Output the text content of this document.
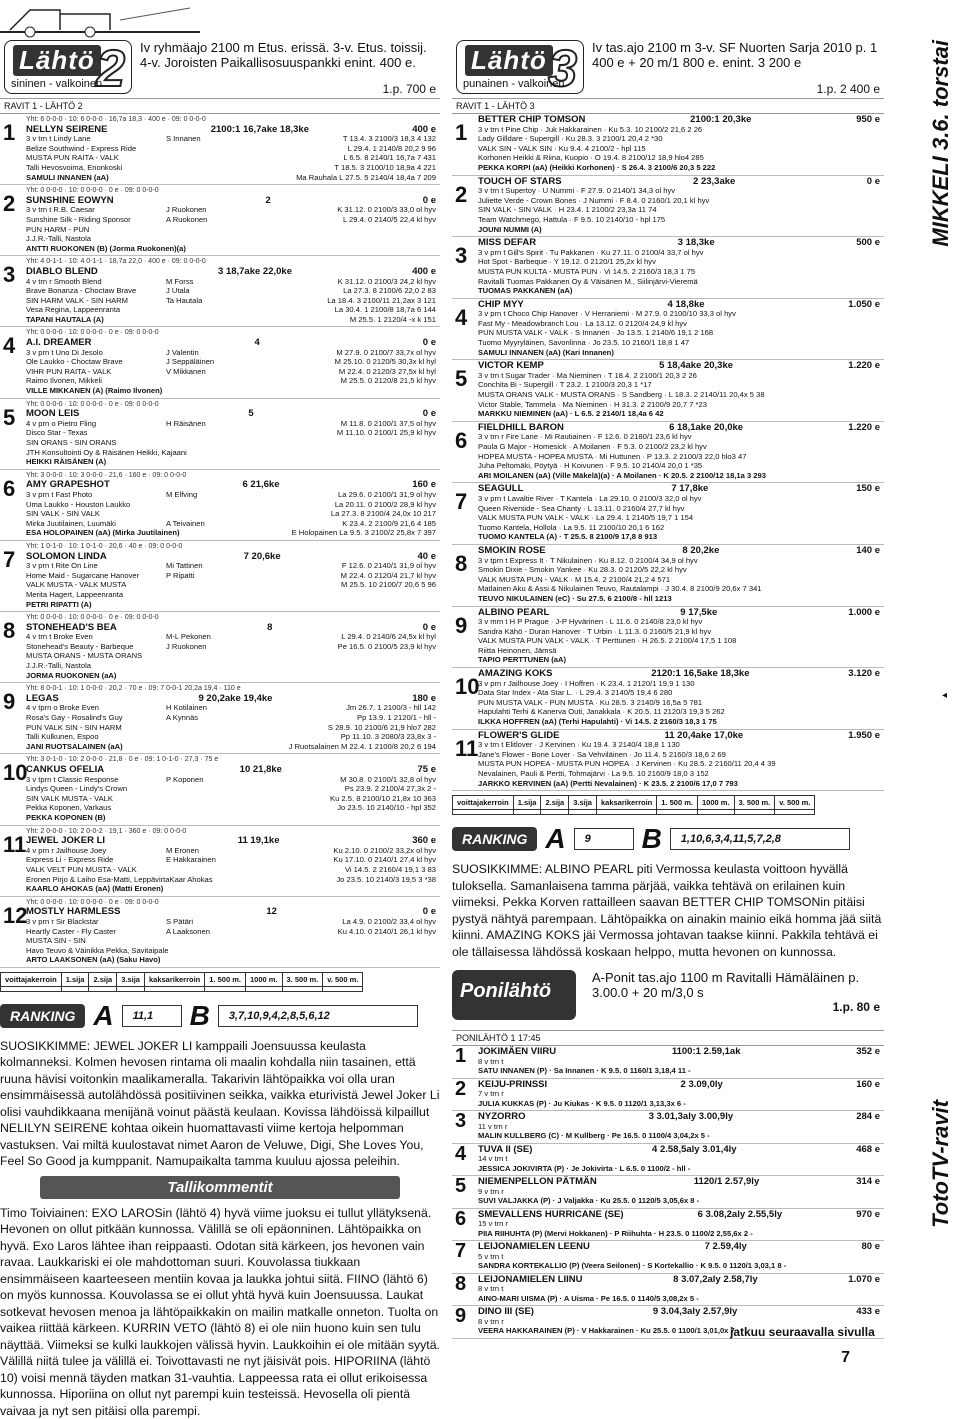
Lähtö 2
sininen - valkoinen
Iv ryhmäajo 2100 m Etus. erissä. 3-v. Etus. toissij. 4-v. Joroisten Paikallisosuuspankki enint. 400 e.
1.p. 700 e
RAVIT 1 - LÄHTÖ 2
1
Yht: 6 0-0-0 · 10: 6 0-0-0 · 16,7a 18,3 · 400 e · 09: 0 0-0-0
NELLYN SEIRENE	2100:1 16,7ake 18,3ke	400 e
3 v trn t Lindy Lane	S Innanen	T 13.4. 3 2100/3 18,3 4 132
Belize Southwind - Express Ride	L 29.4. 1 2140/8 20,2 9 96
MUSTA PUN RAITA - VALK	L 6.5. 8 2140/1 16,7a 7 431
Talli Hevosvoima, Enonkoski	T 18.5. 3 2100/10 18,9a 4 221
SAMULI INNANEN (aA)	Ma Rauhala L 27.5. 5 2140/4 18,4a 7 209
2
Yht: 0 0-0-0 · 10: 0 0-0-0 · 0 e · 09: 0 0-0-0
SUNSHINE EOWYN	2	0 e
3 v trn t R.B. Caesar	J Ruokonen	K 31.12. 0 2100/3 33,0 ol hyv
Sunshine Silk - Riding Sponsor	A Ruokonen	L 29.4. 0 2140/5 22,4 kl hyv
PUN HARM - PUN
J.J.R.-Talli, Nastola
ANTTI RUOKONEN (B) (Jorma Ruokonen)(a)
3
Yht: 4 0-1-1 · 10: 4 0-1-1 · 18,7a 22,0 · 400 e · 09: 0 0-0-0
DIABLO BLEND	3 18,7ake 22,0ke	400 e
4 v trn r Smooth Blend	M Forss	K 31.12. 0 2100/3 24,2 kl hyv
Brave Bonanza - Choctaw Brave	J Utala	La 27.3. 8 2100/6 22,0 2 83
SIN HARM VALK - SIN HARM	Ta Hautala	La 18.4. 3 2100/11 21,2ax 3 121
Vesa Regina, Lappeenranta	La 30.4. 1 2100/8 18,7a 6 144
TAPANI HAUTALA (A)	M 25.5. 1 2120/4 -x k 151
4
Yht: 0 0-0-0 · 10: 0 0-0-0 · 0 e · 09: 0 0-0-0
A.I. DREAMER	4	0 e
3 v prn t Uno Di Jesolo	J Valentin	M 27.9. 0 2100/7 33,7x ol hyv
Ole Laukko - Choctaw Brave	J Seppäläinen	M 25.10. 0 2120/5 30,3x kl hyl
VIHR PUN RAITA - VALK	V Mikkanen	M 22.4. 0 2120/3 27,5x kl hyl
Raimo Ilvonen, Mikkeli	M 25.5. 0 2120/8 21,5 kl hyv
VILLE MIKKANEN (A) (Raimo Ilvonen)
5
Yht: 0 0-0-0 · 10: 0 0-0-0 · 0 e · 09: 0 0-0-0
MOON LEIS	5	0 e
4 v prn o Pietro Fling	H Räisänen	M 11.8. 0 2100/1 37,5 ol hyv
Disco Star - Texas	M 11.10. 0 2100/1 25,9 kl hyv
SIN ORANS - SIN ORANS
JTH Konsultointi Oy & Räisänen Heikki, Kajaani
HEIKKI RÄISÄNEN (A)
6
Yht: 3 0-0-0 · 10: 3 0-0-0 · 21,6 · 160 e · 09: 0 0-0-0
AMY GRAPESHOT	6 21,6ke	160 e
3 v prn t Fast Photo	M Elfving	La 29.6. 0 2100/1 31,9 ol hyv
Uma Laukko - Houston Laukko	La 20.11. 0 2100/2 28,9 kl hyv
SIN VALK - SIN VALK	La 27.3. 8 2100/4 24,0x 10 217
Mirka Juutilainen, Luumäki	A Teivainen	K 23.4. 2 2100/9 21,6 4 185
ESA HOLOPAINEN (aA) (Mirka Juutilainen)	E Holopainen La 9.5. 3 2100/2 25,8x 7 397
7
Yht: 1 0-1-0 · 10: 1 0-1-0 · 20,6 · 40 e · 09: 0 0-0-0
SOLOMON LINDA	7 20,6ke	40 e
3 v prn t Rite On Line	Mi Tattinen	F 12.6. 0 2140/1 31,9 ol hyv
Home Maid - Sugarcane Hanover	P Ripatti	M 22.4. 0 2120/4 21,7 kl hyv
VALK MUSTA - VALK MUSTA	M 25.5. 10 2100/7 20,6 5 96
Merita Hagert, Lappeenranta
PETRI RIPATTI (A)
8
Yht: 0 0-0-0 · 10: 0 0-0-0 · 0 e · 09: 0 0-0-0
STONEHEAD'S BEA	8	0 e
4 v trn t Broke Even	M-L Pekonen	L 29.4. 0 2140/6 24,5x kl hyl
Stonehead's Beauty - Barbeque	J Ruokonen	Pe 16.5. 0 2100/5 23,9 kl hyv
MUSTA ORANS - MUSTA ORANS
J.J.R.-Talli, Nastola
JORMA RUOKONEN (aA)
9
Yht: 8 0-0-1 · 10: 1 0-0-0 · 20,2 · 70 e · 09: 7 0-0-1 20,2a 19,4 · 110 e
LEGAS	9 20,2ake 19,4ke	180 e
4 v tprn o Broke Even	H Kotilainen	Jm 26.7. 1 2100/3 - hll 142
Rosa's Gay - Rosalind's Guy	A Kynnäs	Pp 13.9. 1 2120/1 - hll -
PUN VALK SIN - SIN HARM	S 28.9. 10 2100/6 21,9 hlo7 282
Talli Kulkunen, Espoo	Pp 11.10. 3 2080/3 23,8x 3 -
JANI RUOTSALAINEN (aA)	J Ruotsalainen M 22.4. 1 2100/8 20,2 6 194
10
Yht: 3 0-1-0 · 10: 2 0-0-0 · 21,8 · 0 e · 09: 1 0-1-0 · 27,3 · 75 e
CANKUS OFELIA	10 21,8ke	75 e
3 v tprn t Classic Response	P Koponen	M 30.8. 0 2100/1 32,8 ol hyv
Lindys Queen - Lindy's Crown	Ps 23.9. 2 2100/4 27,3x 2 -
SIN VALK MUSTA - VALK	Ku 2.5. 8 2100/10 21,8x 10 363
Pekka Koponen, Varkaus	Jo 23.5. 10 2140/10 - hpl 352
PEKKA KOPONEN (B)
11
Yht: 2 0-0-0 · 10: 2 0-0-2 · 19,1 · 360 e · 09: 0 0-0-0
JEWEL JOKER LI	11 19,1ke	360 e
4 v prn r Jailhouse Joey	M Eronen	Ku 2.10. 0 2100/2 33,2x ol hyv
Express Li - Express Ride	E Hakkarainen	Ku 17.10. 0 2140/1 27,4 kl hyv
VALK VELT PUN MUSTA - VALK	Vi 14.5. 2 2160/4 19,1 3 83
Eronen Pirjo & Laiho Esa-Matti, Leppävirta Kaar Ahokas	Jo 23.5. 10 2140/3 19,5 3 *38
KAARLO AHOKAS (aA) (Matti Eronen)
12
Yht: 0 0-0-0 · 10: 0 0-0-0 · 0 e · 09: 0 0-0-0
MOSTLY HARMLESS	12	0 e
3 v prn r Sir Blackstar	S Pätäri	La 4.9. 0 2100/2 33,4 ol hyv
Heartly Caster - Fly Caster	A Laaksonen	Ku 4.10. 0 2140/1 26,1 kl hyv
MUSTA SIN - SIN
Havo Teuvo & Väinikka Pekka, Savitaipale
ARTO LAAKSONEN (aA) (Saku Havo)
voittajakerroin	1.sija	2.sija	3.sija	kaksarikerroin	1. 500 m.	1000 m.	3. 500 m.	v. 500 m.

RANKING A	11,1	B	3,7,10,9,4,2,8,5,6,12
SUOSIKKIMME: JEWEL JOKER LI kamppaili Joensuussa keulasta kolmanneksi. Kolmen hevosen rintama oli maalin kohdalla niin tasainen, että ruuna hävisi voitonkin maalikameralla. Takarivin lähtöpaikka voi olla uran ensimmäisessä autolähdössä positiivinen seikka, vaikka eturivistä Jewel Joker Li olisi vauhdikkaana menijänä voinut päästä keulaan. Kovissa lähdöissä kilpaillut NELILYN SEIRENE kohtaa oikein huomattavasti viime kertoja helpomman vastuksen. Vai miltä kuulostavat nimet Aaron de Veluwe, Digi, She Loves You, Feel So Good ja kumppanit. Namupaikalta tamma kuuluu ajossa peleihin.
Tallikommentit
Timo Toiviainen: EXO LAROSin (lähtö 4) hyvä viime juoksu ei tullut yllätyksenä. Hevonen on ollut pitkään kunnossa. Välillä se oli epäonninen. Lähtöpaikka on hyvä. Exo Laros lähtee ihan reippaasti. Odotan sitä kärkeen, jos hevonen vain ravaa. Laukkariski ei ole mahdottoman suuri. Kouvolassa tiukkaan ensimmäiseen kaarteeseen mentiin kovaa ja laukka johtui siitä. FIINO (lähtö 6) on myös kunnossa. Kouvolassa se ei ollut yhtä hyvä kuin Joensuussa. Laukat sotkevat hevosen menoa ja lähtöpaikkakin on mailin matkalle onneton. Tuolta on vaikea riittää kärkeen. KURRIN VETO (lähtö 8) ei ole niin huono kuin sen tulu näyttää. Viimeksi se kulki laukkojen välissä hyvin. Laukkoihin ei ole mitään syytä. Välillä niitä tulee ja välillä ei. Toivottavasti ne nyt jäisivät pois. HIPORIINA (lähtö 10) voisi mennä täyden matkan 31-vauhtia. Lappeessa rata ei ollut erikoisessa kunnossa. Hiporiina on ollut nyt parempi kuin testeissä. Hevosella oli pientä vaivaa ja nyt sen pitäisi olla parempi.
Lähtö 3
punainen - valkoinen
Iv tas.ajo 2100 m 3-v. SF Nuorten Sarja 2010 p. 1 400 e + 20 m/1 800 e. enint. 3 200 e
1.p. 2 400 e
RAVIT 1 - LÄHTÖ 3
1
BETTER CHIP TOMSON	2100:1 20,3ke	950 e
3 v trn t Pine Chip · Juk Hakkarainen · Ku 5.3. 10 2100/2 21,6 2 26
Lady Gilldare - Supergill · Ku 28.3. 3 2100/1 20,4 2 *30
VALK SIN - VALK SIN · Ku 9.4. 4 2100/2 - hpl 115
Korhonen Heikki & Riina, Kuopio · O 19.4. 8 2100/12 18,9 hlo4 285
PEKKA KORPI (aA) (Heikki Korhonen) · S 26.4. 3 2100/6 20,3 5 222
2
TOUCH OF STARS	2 23,3ake	0 e
3 v trn t Supertoy · U Nummi · F 27.9. 0 2140/1 34,3 ol hyv
Juliette Verde - Crown Bones · J Nummi · F 8.4. 0 2160/1 20,1 kl hyv
SIN VALK - SIN VALK · H 23.4. 1 2100/2 23,3a 11 74
Team Watchmego, Hattula · F 9.5. 10 2140/10 - hpl 175
JOUNI NUMMI (A)
3
MISS DEFAR	3 18,3ke	500 e
3 v prn t Gill's Spirit · Tu Pakkanen · Ku 27.11. 0 2100/4 33,7 ol hyv
Hot Spot - Barbeque · Y 19.12. 0 2120/1 25,2x kl hyv
MUSTA PUN KULTA - MUSTA PUN · Vi 14.5. 2 2160/3 18,3 1 75
Ravitalli Tuomas Pakkanen Oy & Väisänen M., Siilinjärvi-Vieremä
TUOMAS PAKKANEN (aA)
4
CHIP MYY	4 18,8ke	1.050 e
3 v prn t Choco Chip Hanover · V Herraniemi · M 27.9. 0 2100/10 33,3 ol hyv
Fast My - Meadowbranch Lou · La 13.12. 0 2120/4 24,9 kl hyv
PUN MUSTA VALK - VALK · S Innanen · Jo 13.5. 1 2140/6 19,1 2 168
Tuomo Myyryläinen, Savonlinna · Jo 23.5. 10 2160/1 18,8 1 47
SAMULI INNANEN (aA) (Kari Innanen)
5
VICTOR KEMP	5 18,4ake 20,3ke	1.220 e
3 v trn t Sugar Trader · Ma Nieminen · T 18.4. 2 2100/1 20,3 2 26
Conchita Bi - Supergill · T 23.2. 1 2100/3 20,3 1 *17
MUSTA ORANS VALK - MUSTA ORANS · S Sandberg · L 18.3. 2 2140/11 20,4x 5 38
Victor Stable, Tammela · Ma Nieminen · H 31.3. 2 2100/9 20,7 7 *23
MARKKU NIEMINEN (aA) · L 6.5. 2 2140/1 18,4a 6 42
6
FIELDHILL BARON	6 18,1ake 20,0ke	1.220 e
3 v trn r Fire Lane · Mi Rautiainen · F 12.6. 0 2180/1 23,6 kl hyv
Paula G Major - Homesick · A Moilanen · F 5.3. 0 2100/2 23,2 kl hyv
HOPEA MUSTA - HOPEA MUSTA · Mi Huttunen · P 13.3. 2 2100/3 22,0 hlo3 47
Juha Peltomäki, Pöytyä · H Koivunen · F 9.5. 10 2140/4 20,0 1 *35
ARI MOILANEN (aA) (Ville Mäkelä)(a) · A Moilanen · K 20.5. 2 2100/12 18,1a 3 293
7
SEAGULL	7 17,8ke	150 e
3 v prn t Lavaltie River · T Kantela · La 29.10. 0 2100/3 32,0 ol hyv
Queen Riverside - Sea Chanty · L 13.11. 0 2160/4 27,7 kl hyv
VALK MUSTA PUN VALK - VALK · La 29.4. 1 2140/5 19,7 1 154
Tuomo Kantela, Hollola · La 9.5. 11 2100/10 20,1 6 162
TUOMO KANTELA (A) · T 25.5. 8 2100/9 17,8 8 913
8
SMOKIN ROSE	8 20,2ke	140 e
3 v tprn t Express It · T Nikulainen · Ku 8.12. 0 2100/4 34,9 ol hyv
Smokin Dixie - Smokin Yankee · Ku 28.3. 0 2120/5 22,2 kl hyv
VALK MUSTA PUN - VALK · M 15.4. 2 2100/4 21,2 4 571
Matlainen Aku & Assi & Nikulainen Teuvo, Rautalampi · J 30.4. 8 2100/9 20,6x 7 341
TEUVO NIKULAINEN (eC) · Su 27.5. 6 2100/8 - hll 1213
9
ALBINO PEARL	9 17,5ke	1.000 e
3 v mrn t H P Prague · J-P Hyvärinen · L 11.6. 0 2140/8 23,0 kl hyv
Sandra Kähö - Duran Hanover · T Urbin · L 11.3. 0 2160/5 21,9 kl hyv
VALK MUSTA PUN VALK - VALK · T Perttunen · H 26.5. 2 2100/4 17,5 1 108
Riitta Heinonen, Jämsä
TAPIO PERTTUNEN (aA)
10
AMAZING KOKS	2120:1 16,5ake 18,3ke	3.120 e
3 v prn r Jailhouse Joey · I Hoffren · K 23.4. 1 2120/1 19,9 1 130
Data Star Index - Ata Star L. · L 29.4. 3 2140/5 19,4 6 280
PUN MUSTA VALK - PUN MUSTA · Ku 28.5. 3 2140/9 16,5a 5 781
Hapulahti Terhi & Kanerva Outi, Janakkala · K 20.5. 11 2120/3 19,3 5 262
ILKKA HOFFREN (aA) (Terhi Hapulahti) · Vi 14.5. 2 2160/3 18,3 1 75
11
FLOWER'S GLIDE	11 20,4ake 17,0ke	1.950 e
3 v trn t Elitlover · J Kervinen · Ku 19.4. 3 2140/4 18,8 1 130
Jane's Flower - Bone Lover · Sa Vehviläinen · Jo 11.4. 5 2160/3 18,6 2 69
MUSTA PUN HOPEA - MUSTA PUN HOPEA · J Kervinen · Ku 28.5. 2 2160/11 20,4 4 39
Nevalainen, Pauli & Pertti, Tohmajärvi · La 9.5. 10 2160/9 18,0 3 152
JARKKO KERVINEN (aA) (Pertti Nevalainen) · K 23.5. 2 2100/6 17,0 7 793
voittajakerroin	1.sija	2.sija	3.sija	kaksarikerroin	1. 500 m.	1000 m.	3. 500 m.	v. 500 m.

RANKING A	9	B	1,10,6,3,4,11,5,7,2,8
SUOSIKKIMME: ALBINO PEARL piti Vermossa keulasta voittoon hyvällä tuloksella. Samanlaisena tamma pärjää, vaikka tehtävä on erilainen kuin viimeksi. Pekka Korven rattailleen saavan BETTER CHIP TOMSONin pitäisi pystyä nähtyä parempaan. Lähtöpaikka on ainakin mainio eikä homma jää siitä kiinni. AMAZING KOKS jäi Vermossa johtavan taakse kiinni. Pakkila tehtävä ei ole tällaisessa lähdössä koskaan helppo, mutta hevonen on kunnossa.
Ponilähtö
A-Ponit tas.ajo 1100 m Ravitalli Hämäläinen p. 3.00.0 + 20 m/3,0 s
1.p. 80 e
PONILÄHTÖ 1 17:45
1 JOKIMÄEN VIIRU	1100:1 2.59,1ak	352 e
8 v trn t
SATU INNANEN (P) · Sa Innanen · K 9.5. 0 1160/1 3,18,4 11 -
2 KEIJU-PRINSSI	2 3.09,0ly	160 e
7 v trn r
JULIA KUKKAS (P) · Ju Kiukas · K 9.5. 0 1120/1 3,13,3x 6 -
3 NYZORRO	3 3.01,3aly 3.00,9ly	284 e
11 v trn r
MALIN KULLBERG (C) · M Kullberg · Pe 16.5. 0 1100/4 3,04,2x 5 -
4 TUVA II (SE)	4 2.58,5aly 3.01,4ly	468 e
14 v trn t
JESSICA JOKIVIRTA (P) · Je Jokivirta · L 6.5. 0 1100/2 - hll -
5 NIEMENPELLON PÄTMÄN	1120/1 2.57,9ly	314 e
9 v trn r
SUVI VALJAKKA (P) · J Valjakka · Ku 25.5. 0 1120/5 3,05,6x 8 -
6 SMEVALLENS HURRICANE (SE)	6 3.08,2aly 2.55,5ly	970 e
15 v trn r
PIIA RIIHUHTA (P) (Mervi Hokkanen) · P Riihuhta · H 23.5. 0 1100/2 2,55,6x 2 -
7 LEIJONAMIELEN LEENU	7 2.59,4ly	80 e
5 v trn t
SANDRA KORTEKALLIO (P) (Veera Seilonen) · S Kortekallio · K 9.5. 0 1120/1 3,03,1 8 -
8 LEIJONAMIELEN LIINU	8 3.07,2aly 2.58,7ly	1.070 e
8 v trn t
AINO-MARI UISMA (P) · A Uisma · Pe 16.5. 0 1140/5 3,08,2x 5 -
9 DINO III (SE)	9 3.04,3aly 2.57,9ly	433 e
8 v trn r
VEERA HAKKARAINEN (P) · V Hakkarainen · Ku 25.5. 0 1100/1 3,01,0x 7 -
MIKKELI 3.6. torstai
TotoTV-ravit
jatkuu seuraavalla sivulla
7
◂
